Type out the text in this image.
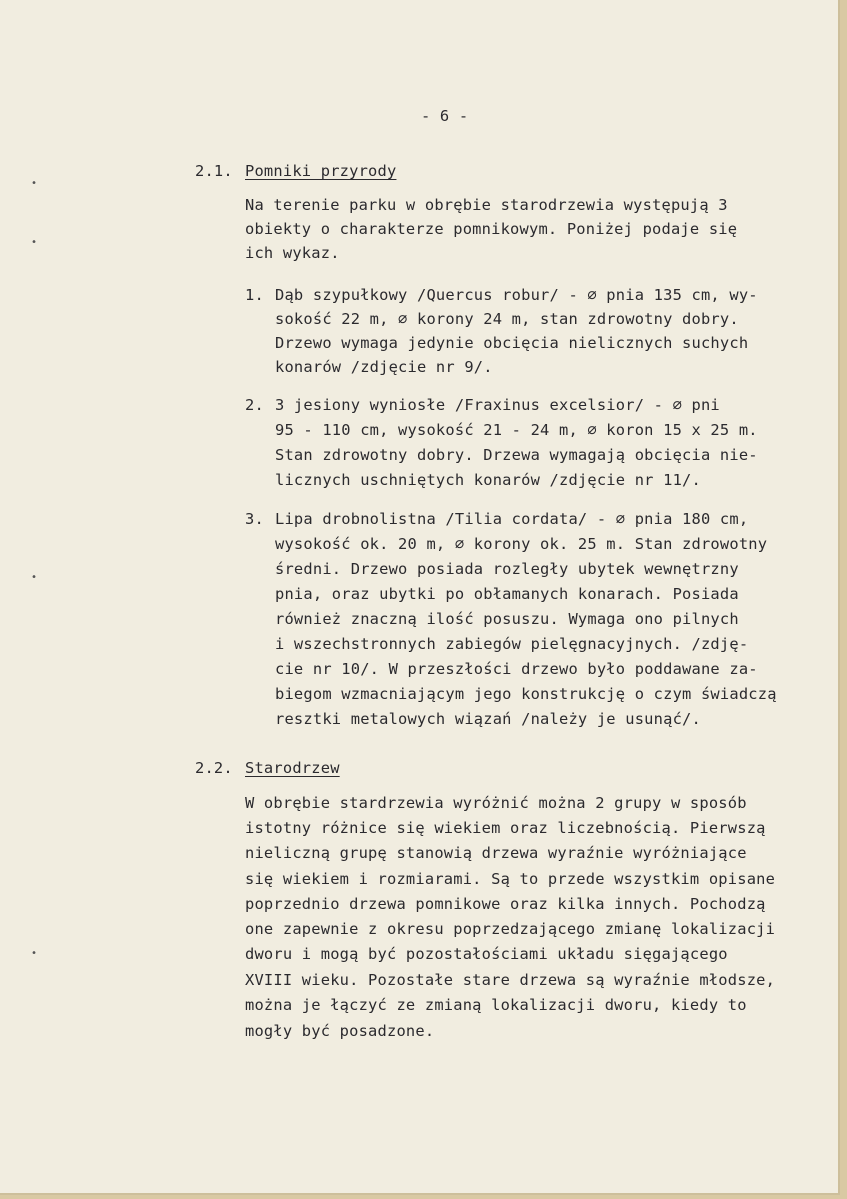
- 6 -
2.1. Pomniki przyrody
Na terenie parku w obrębie starodrzewia występują 3
obiekty o charakterze pomnikowym. Poniżej podaje się
ich wykaz.
1. Dąb szypułkowy /Quercus robur/ - ∅ pnia 135 cm, wy-
sokość 22 m, ∅ korony 24 m, stan zdrowotny dobry.
Drzewo wymaga jedynie obcięcia nielicznych suchych
konarów /zdjęcie nr 9/.
2. 3 jesiony wyniosłe /Fraxinus excelsior/ - ∅ pni
95 - 110 cm, wysokość 21 - 24 m, ∅ koron 15 x 25 m.
Stan zdrowotny dobry. Drzewa wymagają obcięcia nie-
licznych uschniętych konarów /zdjęcie nr 11/.
3. Lipa drobnolistna /Tilia cordata/ - ∅ pnia 180 cm,
wysokość ok. 20 m, ∅ korony ok. 25 m. Stan zdrowotny
średni. Drzewo posiada rozległy ubytek wewnętrzny
pnia, oraz ubytki po obłamanych konarach. Posiada
również znaczną ilość posuszu. Wymaga ono pilnych
i wszechstronnych zabiegów pielęgnacyjnych. /zdję-
cie nr 10/. W przeszłości drzewo było poddawane za-
biegom wzmacniającym jego konstrukcję o czym świadczą
resztki metalowych wiązań /należy je usunąć/.
2.2. Starodrzew
W obrębie stardrzewia wyróżnić można 2 grupy w sposób
istotny różnice się wiekiem oraz liczebnością. Pierwszą
nieliczną grupę stanowią drzewa wyraźnie wyróżniające
się wiekiem i rozmiarami. Są to przede wszystkim opisane
poprzednio drzewa pomnikowe oraz kilka innych. Pochodzą
one zapewnie z okresu poprzedzającego zmianę lokalizacji
dworu i mogą być pozostałościami układu sięgającego
XVIII wieku. Pozostałe stare drzewa są wyraźnie młodsze,
można je łączyć ze zmianą lokalizacji dworu, kiedy to
mogły być posadzone.
•
•
•
•
